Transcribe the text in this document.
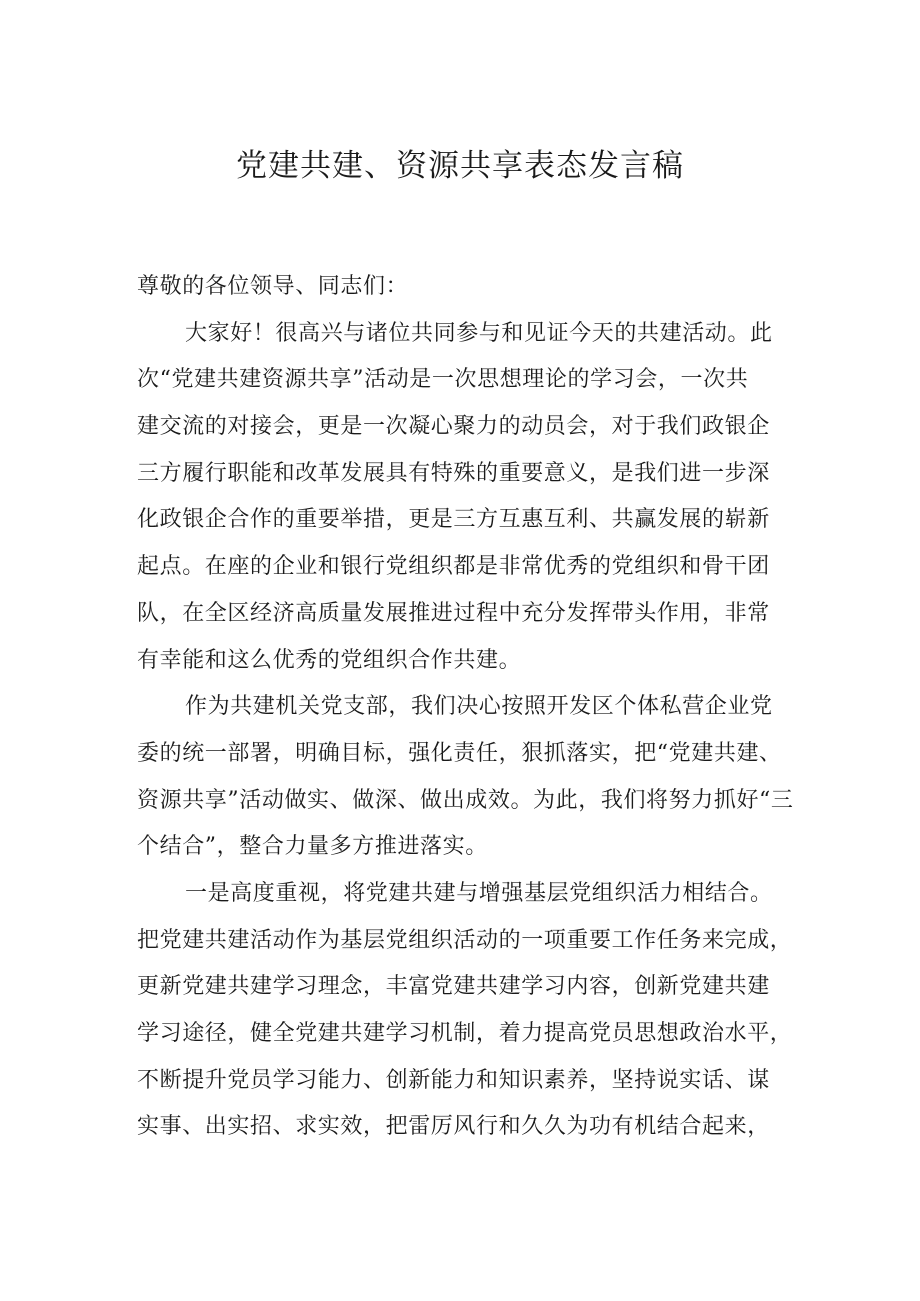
党建共建、资源共享表态发言稿
尊敬的各位领导、同志们：
大家好！很高兴与诸位共同参与和见证今天的共建活动。此
次“党建共建资源共享”活动是一次思想理论的学习会，一次共
建交流的对接会，更是一次凝心聚力的动员会，对于我们政银企
三方履行职能和改革发展具有特殊的重要意义，是我们进一步深
化政银企合作的重要举措，更是三方互惠互利、共赢发展的崭新
起点。在座的企业和银行党组织都是非常优秀的党组织和骨干团
队，在全区经济高质量发展推进过程中充分发挥带头作用，非常
有幸能和这么优秀的党组织合作共建。
作为共建机关党支部，我们决心按照开发区个体私营企业党
委的统一部署，明确目标，强化责任，狠抓落实，把“党建共建、
资源共享”活动做实、做深、做出成效。为此，我们将努力抓好“三
个结合”，整合力量多方推进落实。
一是高度重视，将党建共建与增强基层党组织活力相结合。
把党建共建活动作为基层党组织活动的一项重要工作任务来完成，
更新党建共建学习理念，丰富党建共建学习内容，创新党建共建
学习途径，健全党建共建学习机制，着力提高党员思想政治水平，
不断提升党员学习能力、创新能力和知识素养，坚持说实话、谋
实事、出实招、求实效，把雷厉风行和久久为功有机结合起来，
